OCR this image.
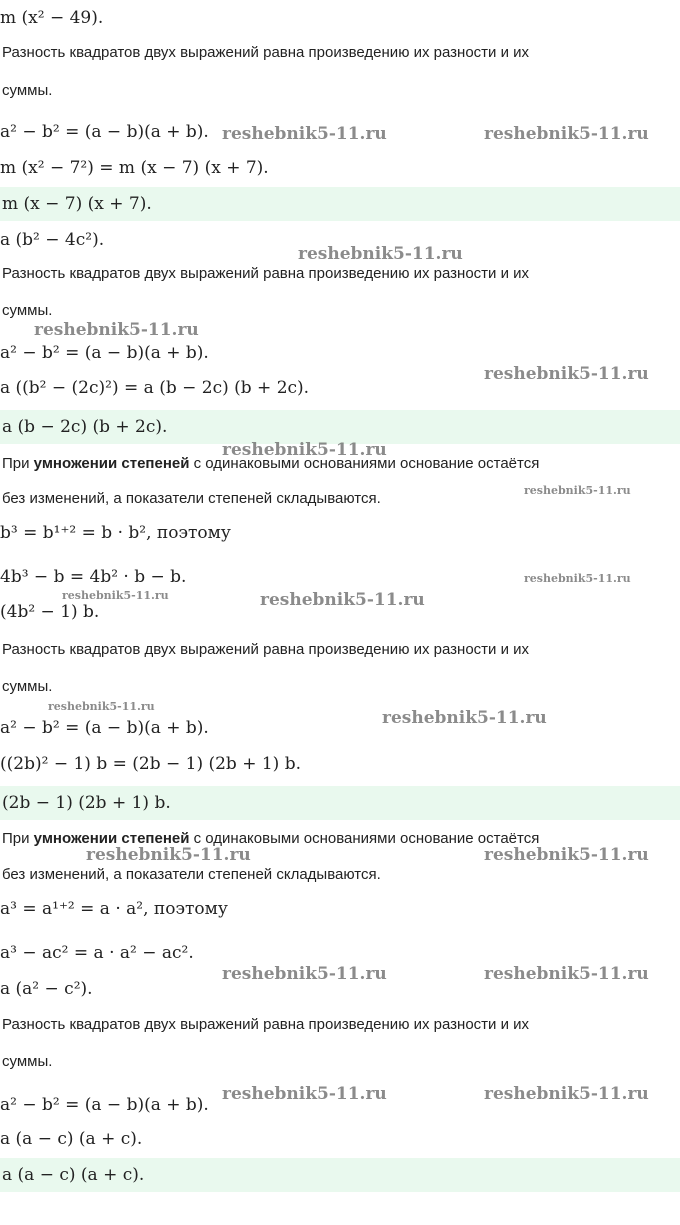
m (x² − 49).
Разность квадратов двух выражений равна произведению их разности и их
суммы.
a² − b² = (a − b)(a + b).
m (x² − 7²) = m (x − 7) (x + 7).
m (x − 7) (x + 7).
a (b² − 4c²).
Разность квадратов двух выражений равна произведению их разности и их
суммы.
a² − b² = (a − b)(a + b).
a ((b² − (2c)²) = a (b − 2c) (b + 2c).
a (b − 2c) (b + 2c).
При умножении степеней с одинаковыми основаниями основание остаётся
без изменений, а показатели степеней складываются.
b³ = b¹⁺² = b · b², поэтому
4b³ − b = 4b² · b − b.
(4b² − 1) b.
Разность квадратов двух выражений равна произведению их разности и их
суммы.
a² − b² = (a − b)(a + b).
((2b)² − 1) b = (2b − 1) (2b + 1) b.
(2b − 1) (2b + 1) b.
При умножении степеней с одинаковыми основаниями основание остаётся
без изменений, а показатели степеней складываются.
a³ = a¹⁺² = a · a², поэтому
a³ − ac² = a · a² − ac².
a (a² − c²).
Разность квадратов двух выражений равна произведению их разности и их
суммы.
a² − b² = (a − b)(a + b).
a (a − c) (a + c).
a (a − c) (a + c).
reshebnik5-11.ru	reshebnik5-11.ru
reshebnik5-11.ru
reshebnik5-11.ru
reshebnik5-11.ru
reshebnik5-11.ru
reshebnik5-11.ru
reshebnik5-11.ru
reshebnik5-11.ru	reshebnik5-11.ru
reshebnik5-11.ru
reshebnik5-11.ru
reshebnik5-11.ru	reshebnik5-11.ru
reshebnik5-11.ru	reshebnik5-11.ru
reshebnik5-11.ru	reshebnik5-11.ru
